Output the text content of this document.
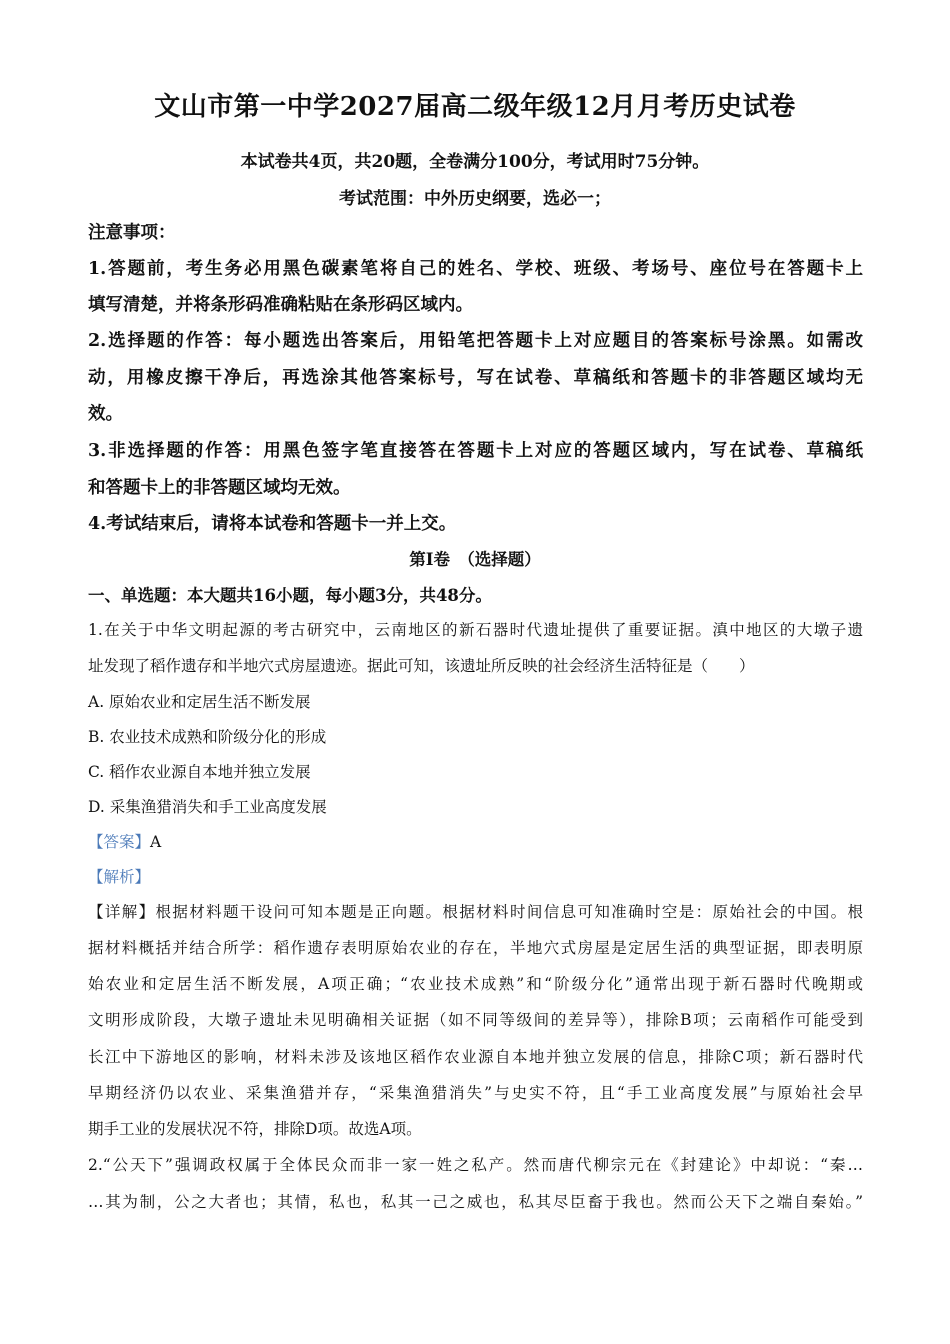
文山市第一中学2027届高二级年级12月月考历史试卷
本试卷共4页，共20题，全卷满分100分，考试用时75分钟。
考试范围：中外历史纲要，选必一；
注意事项：
1.答题前，考生务必用黑色碳素笔将自己的姓名、学校、班级、考场号、座位号在答题卡上
填写清楚，并将条形码准确粘贴在条形码区域内。
2.选择题的作答：每小题选出答案后，用铅笔把答题卡上对应题目的答案标号涂黑。如需改
动，用橡皮擦干净后，再选涂其他答案标号，写在试卷、草稿纸和答题卡的非答题区域均无
效。
3.非选择题的作答：用黑色签字笔直接答在答题卡上对应的答题区域内，写在试卷、草稿纸
和答题卡上的非答题区域均无效。
4.考试结束后，请将本试卷和答题卡一并上交。
第Ⅰ卷　（选择题）
一、单选题：本大题共16小题，每小题3分，共48分。
1.在关于中华文明起源的考古研究中，云南地区的新石器时代遗址提供了重要证据。滇中地区的大墩子遗
址发现了稻作遗存和半地穴式房屋遗迹。据此可知，该遗址所反映的社会经济生活特征是（　　）
A. 原始农业和定居生活不断发展
B. 农业技术成熟和阶级分化的形成
C. 稻作农业源自本地并独立发展
D. 采集渔猎消失和手工业高度发展
【答案】A
【解析】
【详解】根据材料题干设问可知本题是正向题。根据材料时间信息可知准确时空是：原始社会的中国。根
据材料概括并结合所学：稻作遗存表明原始农业的存在，半地穴式房屋是定居生活的典型证据，即表明原
始农业和定居生活不断发展，A项正确；“农业技术成熟”和“阶级分化”通常出现于新石器时代晚期或
文明形成阶段，大墩子遗址未见明确相关证据（如不同等级间的差异等），排除B项；云南稻作可能受到
长江中下游地区的影响，材料未涉及该地区稻作农业源自本地并独立发展的信息，排除C项；新石器时代
早期经济仍以农业、采集渔猎并存，“采集渔猎消失”与史实不符，且“手工业高度发展”与原始社会早
期手工业的发展状况不符，排除D项。故选A项。
2.“公天下”强调政权属于全体民众而非一家一姓之私产。然而唐代柳宗元在《封建论》中却说：“秦…
…其为制，公之大者也；其情，私也，私其一己之威也，私其尽臣畜于我也。然而公天下之端自秦始。”
